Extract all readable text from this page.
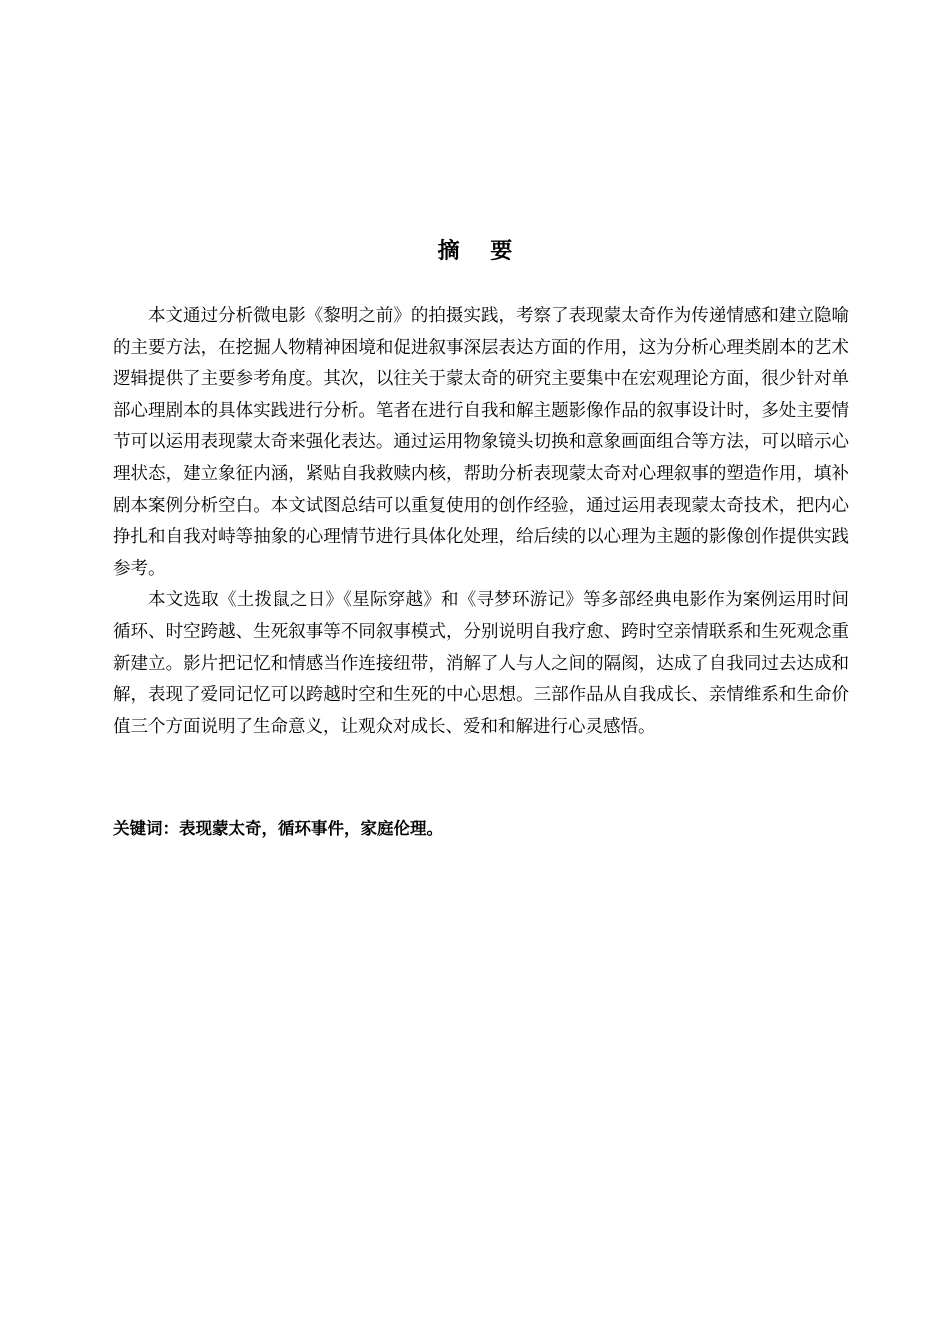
摘    要

本文通过分析微电影《黎明之前》的拍摄实践，考察了表现蒙太奇作为传递情感和建立隐喻的主要方法，在挖掘人物精神困境和促进叙事深层表达方面的作用，这为分析心理类剧本的艺术逻辑提供了主要参考角度。其次，以往关于蒙太奇的研究主要集中在宏观理论方面，很少针对单部心理剧本的具体实践进行分析。笔者在进行自我和解主题影像作品的叙事设计时，多处主要情节可以运用表现蒙太奇来强化表达。通过运用物象镜头切换和意象画面组合等方法，可以暗示心理状态，建立象征内涵，紧贴自我救赎内核，帮助分析表现蒙太奇对心理叙事的塑造作用，填补剧本案例分析空白。本文试图总结可以重复使用的创作经验，通过运用表现蒙太奇技术，把内心挣扎和自我对峙等抽象的心理情节进行具体化处理，给后续的以心理为主题的影像创作提供实践参考。

本文选取《土拨鼠之日》《星际穿越》和《寻梦环游记》等多部经典电影作为案例运用时间循环、时空跨越、生死叙事等不同叙事模式，分别说明自我疗愈、跨时空亲情联系和生死观念重新建立。影片把记忆和情感当作连接纽带，消解了人与人之间的隔阂，达成了自我同过去达成和解，表现了爱同记忆可以跨越时空和生死的中心思想。三部作品从自我成长、亲情维系和生命价值三个方面说明了生命意义，让观众对成长、爱和和解进行心灵感悟。

关键词：表现蒙太奇，循环事件，家庭伦理。
